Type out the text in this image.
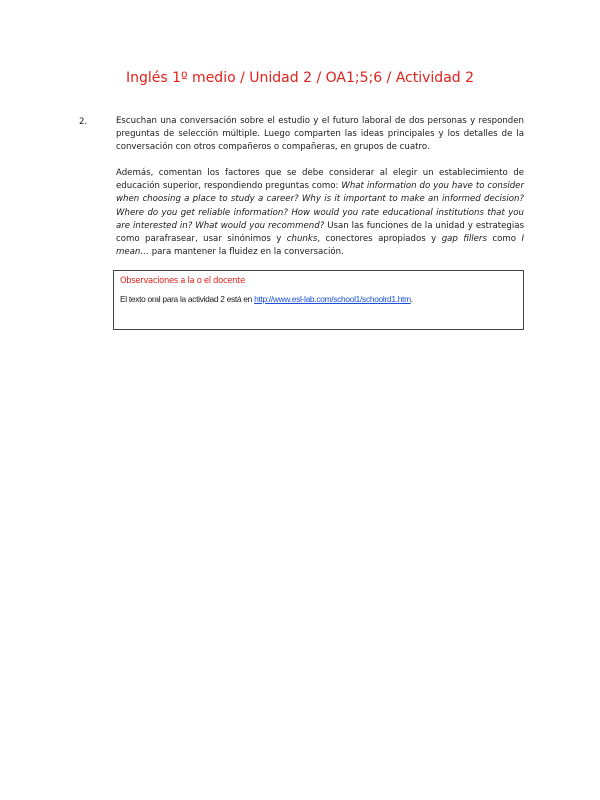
Inglés 1º medio / Unidad 2 / OA1;5;6 / Actividad 2
2.	Escuchan una conversación sobre el estudio y el futuro laboral de dos personas y responden preguntas de selección múltiple. Luego comparten las ideas principales y los detalles de la conversación con otros compañeros o compañeras, en grupos de cuatro.
Además, comentan los factores que se debe considerar al elegir un establecimiento de educación superior, respondiendo preguntas como: What information do you have to consider when choosing a place to study a career? Why is it important to make an informed decision? Where do you get reliable information? How would you rate educational institutions that you are interested in? What would you recommend? Usan las funciones de la unidad y estrategias como parafrasear, usar sinónimos y chunks, conectores apropiados y gap fillers como I mean… para mantener la fluidez en la conversación.
Observaciones a la o el docente
El texto oral para la actividad 2 está en http://www.esl-lab.com/school1/schoolrd1.htm.
